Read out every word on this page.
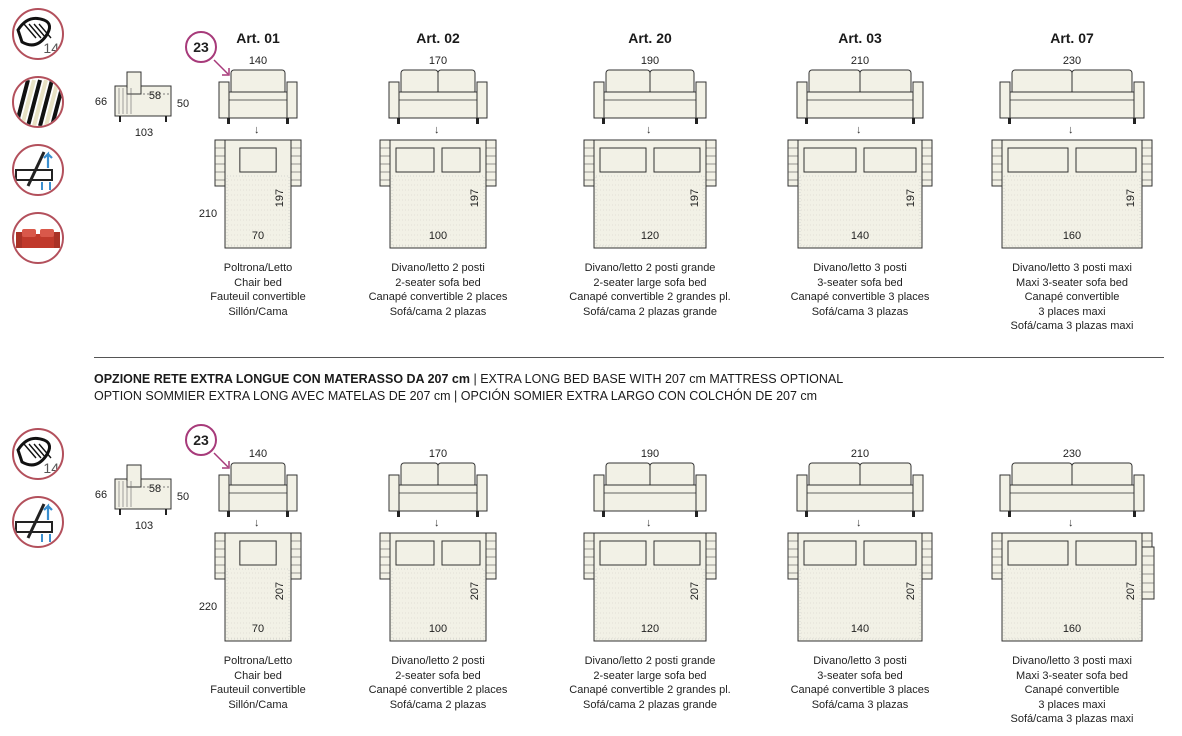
14
14
23
66	58
50
103
210
Art. 01
140
↓
70
197
Poltrona/Letto
Chair bed
Fauteuil convertible
Sillón/Cama
Art. 02
170
↓
100
197
Divano/letto 2 posti
2-seater sofa bed
Canapé convertible 2 places
Sofá/cama 2 plazas
Art. 20
190
↓
120
197
Divano/letto 2 posti grande
2-seater large sofa bed
Canapé convertible 2 grandes pl.
Sofá/cama 2 plazas grande
Art. 03
210
↓
140
197
Divano/letto 3 posti
3-seater sofa bed
Canapé convertible 3 places
Sofá/cama 3 plazas
Art. 07
230
↓
160
197
Divano/letto 3 posti maxi
Maxi 3-seater sofa bed
Canapé convertible
3 places maxi
Sofá/cama 3 plazas maxi
23
66	58
50
103
220
140
↓
70
207
Poltrona/Letto
Chair bed
Fauteuil convertible
Sillón/Cama
170
↓
100
207
Divano/letto 2 posti
2-seater sofa bed
Canapé convertible 2 places
Sofá/cama 2 plazas
190
↓
120
207
Divano/letto 2 posti grande
2-seater large sofa bed
Canapé convertible 2 grandes pl.
Sofá/cama 2 plazas grande
210
↓
140
207
Divano/letto 3 posti
3-seater sofa bed
Canapé convertible 3 places
Sofá/cama 3 plazas
230
↓
160
207
Divano/letto 3 posti maxi
Maxi 3-seater sofa bed
Canapé convertible
3 places maxi
Sofá/cama 3 plazas maxi
OPZIONE RETE EXTRA LONGUE CON MATERASSO DA 207 cm | EXTRA LONG BED BASE WITH 207 cm MATTRESS OPTIONAL
OPTION SOMMIER EXTRA LONG AVEC MATELAS DE 207 cm | OPCIÓN SOMIER EXTRA LARGO CON COLCHÓN DE 207 cm
